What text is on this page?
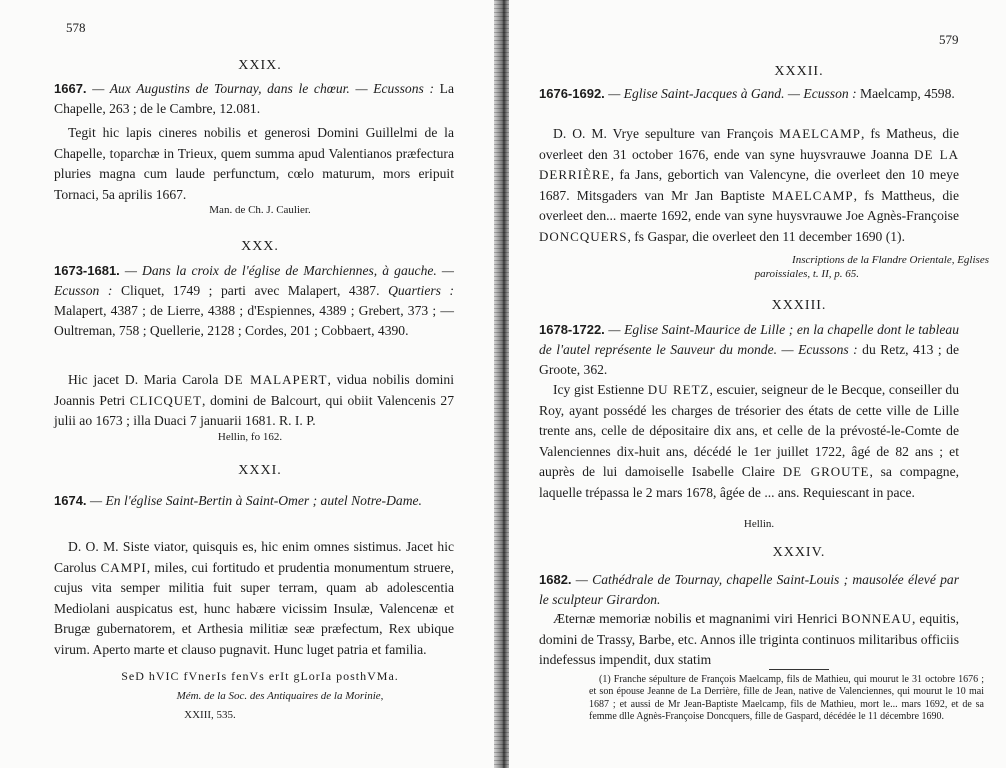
578
XXIX.
1667. — Aux Augustins de Tournay, dans le chœur. — Ecussons : La Chapelle, 263 ; de le Cambre, 12.081.
Tegit hic lapis cineres nobilis et generosi Domini Guillelmi de la Chapelle, toparchæ in Trieux, quem summa apud Valentianos præfectura pluries magna cum laude perfunctum, cœlo maturum, mors eripuit Tornaci, 5a aprilis 1667.
Man. de Ch. J. Caulier.
XXX.
1673-1681. — Dans la croix de l'église de Marchiennes, à gauche. — Ecusson : Cliquet, 1749 ; parti avec Malapert, 4387. Quartiers : Malapert, 4387 ; de Lierre, 4388 ; d'Espiennes, 4389 ; Grebert, 373 ; — Oultreman, 758 ; Quellerie, 2128 ; Cordes, 201 ; Cobbaert, 4390.
Hic jacet D. Maria Carola DE MALAPERT, vidua nobilis domini Joannis Petri CLICQUET, domini de Balcourt, qui obiit Valencenis 27 julii ao 1673 ; illa Duaci 7 januarii 1681. R. I. P.
Hellin, fo 162.
XXXI.
1674. — En l'église Saint-Bertin à Saint-Omer ; autel Notre-Dame.
D. O. M. Siste viator, quisquis es, hic enim omnes sistimus. Jacet hic Carolus CAMPI, miles, cui fortitudo et prudentia monumentum struere, cujus vita semper militia fuit super terram, quam ab adolescentia Mediolani auspicatus est, hunc habære vicissim Insulæ, Valencenæ et Brugæ gubernatorem, et Arthesia militiæ seæ præfectum, Rex ubique virum. Aperto marte et clauso pugnavit. Hunc luget patria et familia.
SeD hVIC fVnerIs fenVs erIt gLorIa posthVMa.
Mém. de la Soc. des Antiquaires de la Morinie,
XXIII, 535.
579
XXXII.
1676-1692. — Eglise Saint-Jacques à Gand. — Ecusson : Maelcamp, 4598.
D. O. M. Vrye sepulture van François MAELCAMP, fs Matheus, die overleet den 31 october 1676, ende van syne huysvrauwe Joanna DE LA DERRIÈRE, fa Jans, gebortich van Valencyne, die overleet den 10 meye 1687. Mitsgaders van Mr Jan Baptiste MAELCAMP, fs Mattheus, die overleet den... maerte 1692, ende van syne huysvrauwe Joe Agnès-Françoise DONCQUERS, fs Gaspar, die overleet den 11 december 1690 (1).
Inscriptions de la Flandre Orientale, Eglises
paroissiales, t. II, p. 65.
XXXIII.
1678-1722. — Eglise Saint-Maurice de Lille ; en la chapelle dont le tableau de l'autel représente le Sauveur du monde. — Ecussons : du Retz, 413 ; de Groote, 362.
Icy gist Estienne DU RETZ, escuier, seigneur de le Becque, conseiller du Roy, ayant possédé les charges de trésorier des états de cette ville de Lille trente ans, celle de dépositaire dix ans, et celle de la prévosté-le-Comte de Valenciennes dix-huit ans, décédé le 1er juillet 1722, âgé de 82 ans ; et auprès de lui damoiselle Isabelle Claire DE GROUTE, sa compagne, laquelle trépassa le 2 mars 1678, âgée de ... ans. Requiescant in pace.
Hellin.
XXXIV.
1682. — Cathédrale de Tournay, chapelle Saint-Louis ; mausolée élevé par le sculpteur Girardon.
Æternæ memoriæ nobilis et magnanimi viri Henrici BONNEAU, equitis, domini de Trassy, Barbe, etc. Annos ille triginta continuos militaribus officiis indefessus impendit, dux statim
(1) Franche sépulture de François Maelcamp, fils de Mathieu, qui mourut le 31 octobre 1676 ; et son épouse Jeanne de La Derrière, fille de Jean, native de Valenciennes, qui mourut le 10 mai 1687 ; et aussi de Mr Jean-Baptiste Maelcamp, fils de Mathieu, mort le... mars 1692, et de sa femme dlle Agnès-Françoise Doncquers, fille de Gaspard, décédée le 11 décembre 1690.
